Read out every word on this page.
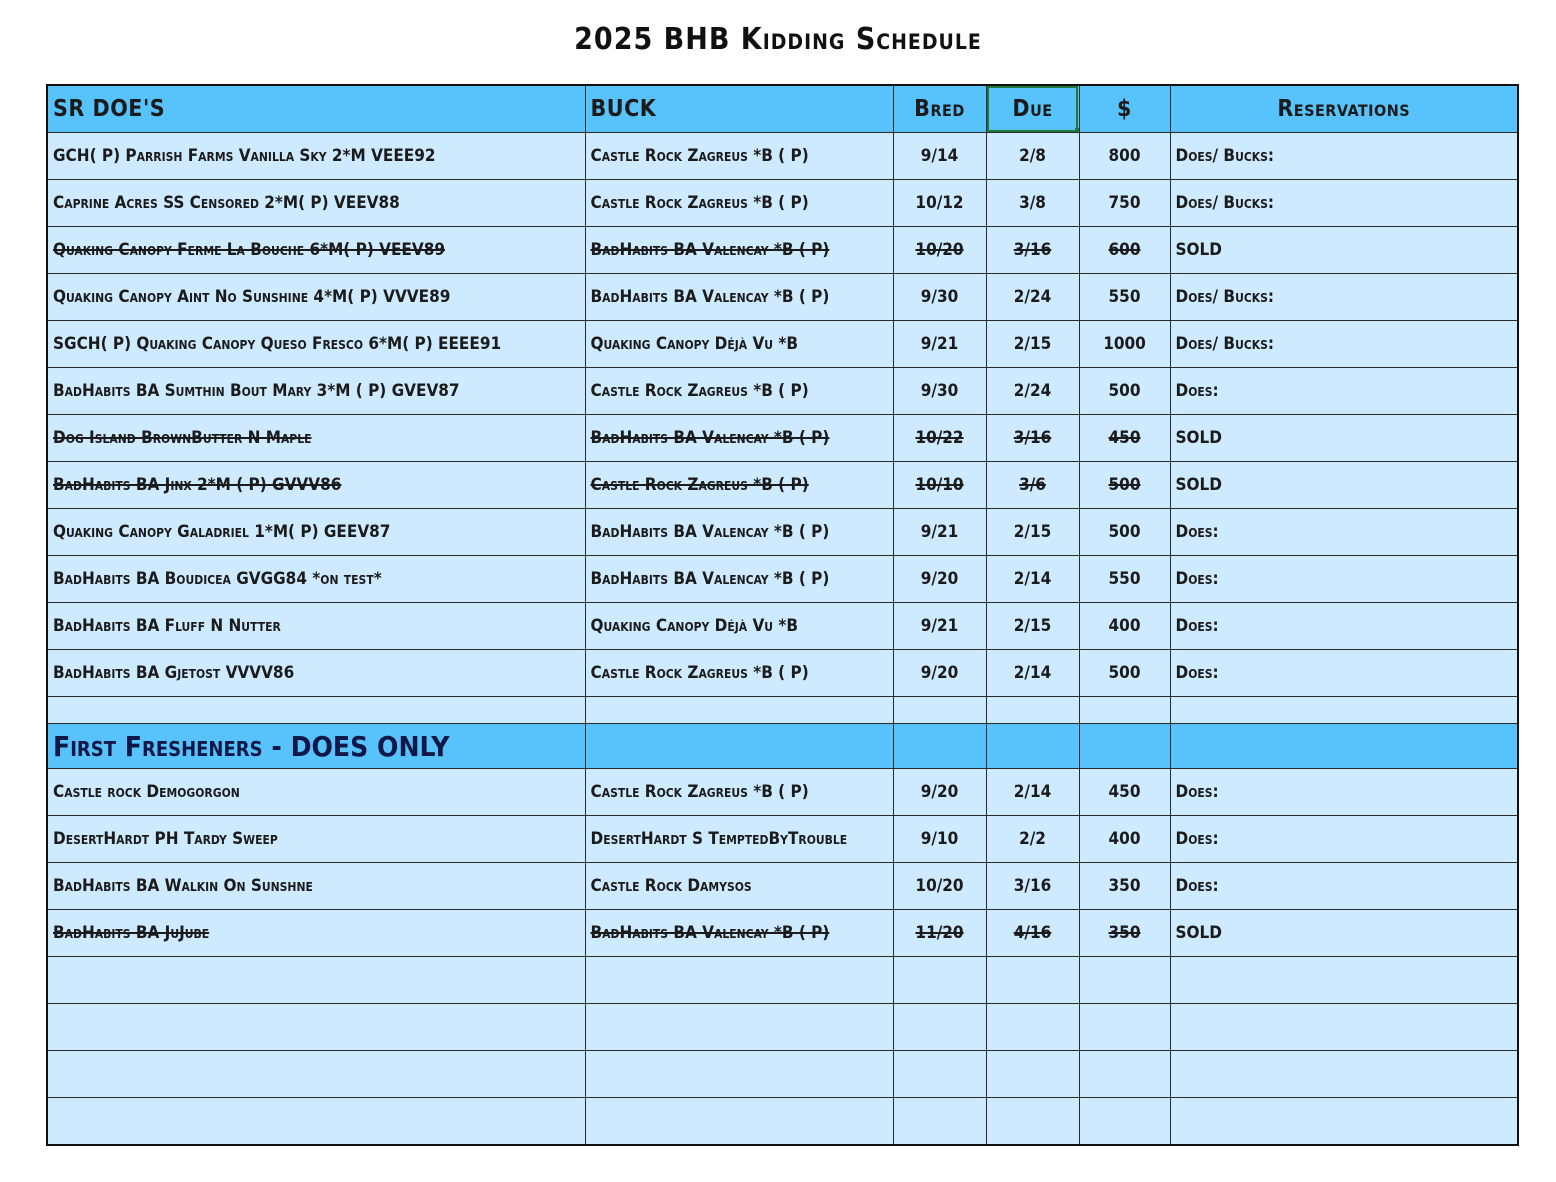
2025 BHB Kidding Schedule
SR DOE'S	BUCK	Bred	Due	$	Reservations
GCH( P) Parrish Farms Vanilla Sky 2*M VEEE92	Castle Rock Zagreus *B ( P)	9/14	2/8	800	Does/ Bucks:
Caprine Acres SS Censored 2*M( P) VEEV88	Castle Rock Zagreus *B ( P)	10/12	3/8	750	Does/ Bucks:
Quaking Canopy Ferme La Bouche 6*M( P) VEEV89	BadHabits BA Valencay *B ( P)	10/20	3/16	600	SOLD
Quaking Canopy Aint No Sunshine 4*M( P) VVVE89	BadHabits BA Valencay *B ( P)	9/30	2/24	550	Does/ Bucks:
SGCH( P) Quaking Canopy Queso Fresco 6*M( P) EEEE91	Quaking Canopy Déjà Vu *B	9/21	2/15	1000	Does/ Bucks:
BadHabits BA Sumthin Bout Mary 3*M ( P) GVEV87	Castle Rock Zagreus *B ( P)	9/30	2/24	500	Does:
Dog Island BrownButter N Maple	BadHabits BA Valencay *B ( P)	10/22	3/16	450	SOLD
BadHabits BA Jinx 2*M ( P) GVVV86	Castle Rock Zagreus *B ( P)	10/10	3/6	500	SOLD
Quaking Canopy Galadriel 1*M( P) GEEV87	BadHabits BA Valencay *B ( P)	9/21	2/15	500	Does:
BadHabits BA Boudicea GVGG84 *on test*	BadHabits BA Valencay *B ( P)	9/20	2/14	550	Does:
BadHabits BA Fluff N Nutter	Quaking Canopy Déjà Vu *B	9/21	2/15	400	Does:
BadHabits BA Gjetost VVVV86	Castle Rock Zagreus *B ( P)	9/20	2/14	500	Does:

First Fresheners - DOES ONLY					
Castle rock Demogorgon	Castle Rock Zagreus *B ( P)	9/20	2/14	450	Does:
DesertHardt PH Tardy Sweep	DesertHardt S TemptedByTrouble	9/10	2/2	400	Does:
BadHabits BA Walkin On Sunshne	Castle Rock Damysos	10/20	3/16	350	Does:
BadHabits BA JuJube	BadHabits BA Valencay *B ( P)	11/20	4/16	350	SOLD
